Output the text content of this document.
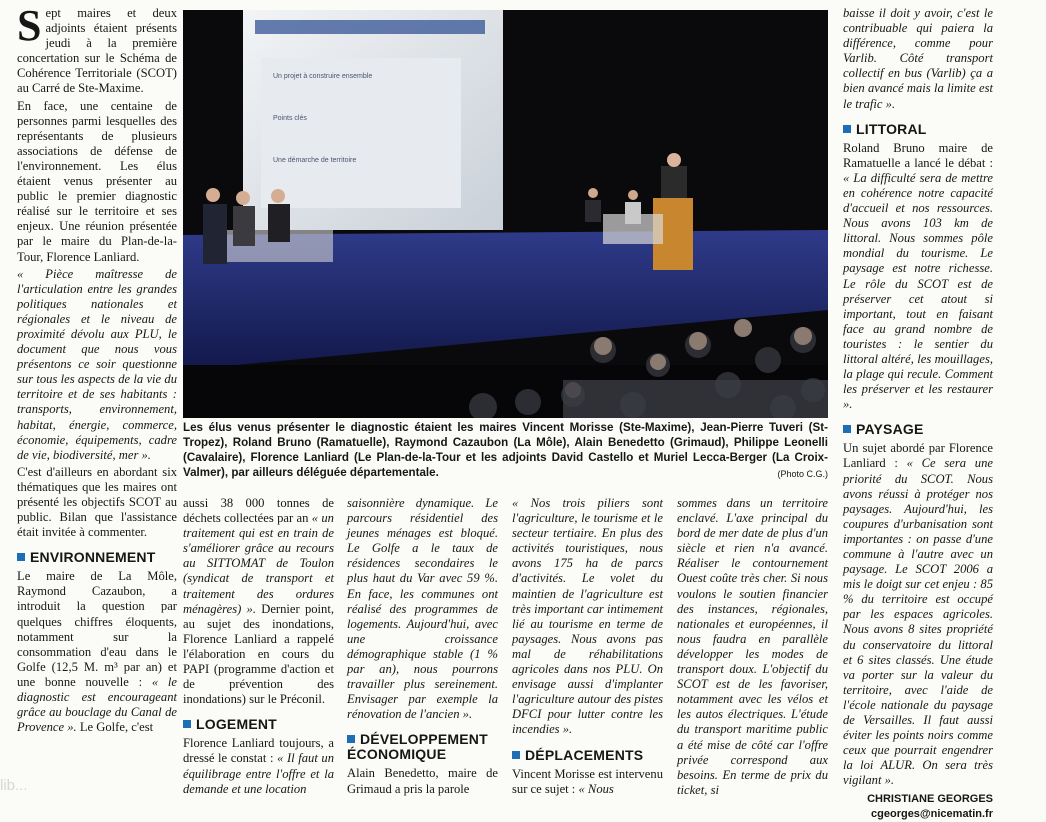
Sept maires et deux adjoints étaient présents jeudi à la première concertation sur le Schéma de Cohérence Territoriale (SCOT) au Carré de Ste-Maxime.

En face, une centaine de personnes parmi lesquelles des représentants de plusieurs associations de défense de l'environnement. Les élus étaient venus présenter au public le premier diagnostic réalisé sur le territoire et ses enjeux. Une réunion présentée par le maire du Plan-de-la-Tour, Florence Lanliard.

« Pièce maîtresse de l'articulation entre les grandes politiques nationales et régionales et le niveau de proximité dévolu aux PLU, le document que nous vous présentons ce soir questionne sur tous les aspects de la vie du territoire et de ses habitants : transports, environnement, habitat, énergie, commerce, économie, équipements, cadre de vie, biodiversité, mer ».

C'est d'ailleurs en abordant six thématiques que les maires ont présenté les objectifs SCOT au public. Bilan que l'assistance était invitée à commenter.

ENVIRONNEMENT

Le maire de La Môle, Raymond Cazaubon, a introduit la question par quelques chiffres éloquents, notamment sur la consommation d'eau dans le Golfe (12,5 M. m³ par an) et une bonne nouvelle : « le diagnostic est encourageant grâce au bouclage du Canal de Provence ». Le Golfe, c'est

Un projet à construire ensemble
Points clés
Une démarche de territoire
Les élus venus présenter le diagnostic étaient les maires Vincent Morisse (Ste-Maxime), Jean-Pierre Tuveri (St-Tropez), Roland Bruno (Ramatuelle), Raymond Cazaubon (La Môle), Alain Benedetto (Grimaud), Philippe Leonelli (Cavalaire), Florence Lanliard (Le Plan-de-la-Tour et les adjoints David Castello et Muriel Lecca-Berger (La Croix-Valmer), par ailleurs déléguée départementale.	(Photo C.G.)

aussi 38 000 tonnes de déchets collectées par an « un traitement qui est en train de s'améliorer grâce au recours au SITTOMAT de Toulon (syndicat de transport et traitement des ordures ménagères) ». Dernier point, au sujet des inondations, Florence Lanliard a rappelé l'élaboration en cours du PAPI (programme d'action et de prévention des inondations) sur le Préconil.

LOGEMENT

Florence Lanliard toujours, a dressé le constat : « Il faut un équilibrage entre l'offre et la demande et une location

saisonnière dynamique. Le parcours résidentiel des jeunes ménages est bloqué. Le Golfe a le taux de résidences secondaires le plus haut du Var avec 59 %. En face, les communes ont réalisé des programmes de logements. Aujourd'hui, avec une croissance démographique stable (1 % par an), nous pourrons travailler plus sereinement. Envisager par exemple la rénovation de l'ancien ».

DÉVELOPPEMENT ÉCONOMIQUE

Alain Benedetto, maire de Grimaud a pris la parole

« Nos trois piliers sont l'agriculture, le tourisme et le secteur tertiaire. En plus des activités touristiques, nous avons 175 ha de parcs d'activités. Le volet du maintien de l'agriculture est très important car intimement lié au tourisme en terme de paysages. Nous avons pas mal de réhabilitations agricoles dans nos PLU. On envisage aussi d'implanter l'agriculture autour des pistes DFCI pour lutter contre les incendies ».

DÉPLACEMENTS

Vincent Morisse est intervenu sur ce sujet : « Nous

sommes dans un territoire enclavé. L'axe principal du bord de mer date de plus d'un siècle et rien n'a avancé. Réaliser le contournement Ouest coûte très cher. Si nous voulons le soutien financier des instances, régionales, nationales et européennes, il nous faudra en parallèle développer les modes de transport doux. L'objectif du SCOT est de les favoriser, notamment avec les vélos et les autos électriques. L'étude du transport maritime public a été mise de côté car l'offre privée correspond aux besoins. En terme de prix du ticket, si

baisse il doit y avoir, c'est le contribuable qui paiera la différence, comme pour Varlib. Côté transport collectif en bus (Varlib) ça a bien avancé mais la limite est le trafic ».

LITTORAL

Roland Bruno maire de Ramatuelle a lancé le débat : « La difficulté sera de mettre en cohérence notre capacité d'accueil et nos ressources. Nous avons 103 km de littoral. Nous sommes pôle mondial du tourisme. Le paysage est notre richesse. Le rôle du SCOT est de préserver cet atout si important, tout en faisant face au grand nombre de touristes : le sentier du littoral altéré, les mouillages, la plage qui recule. Comment les préserver et les restaurer ».

PAYSAGE

Un sujet abordé par Florence Lanliard : « Ce sera une priorité du SCOT. Nous avons réussi à protéger nos paysages. Aujourd'hui, les coupures d'urbanisation sont importantes : on passe d'une commune à l'autre avec un paysage. Le SCOT 2006 a mis le doigt sur cet enjeu : 85 % du territoire est occupé par les espaces agricoles. Nous avons 8 sites propriété du conservatoire du littoral et 6 sites classés. Une étude va porter sur la valeur du territoire, avec l'aide de l'école nationale du paysage de Versailles. Il faut aussi éviter les points noirs comme ceux que pourrait engendrer la loi ALUR. On sera très vigilant ».

CHRISTIANE GEORGES
cgeorges@nicematin.fr
lib...
